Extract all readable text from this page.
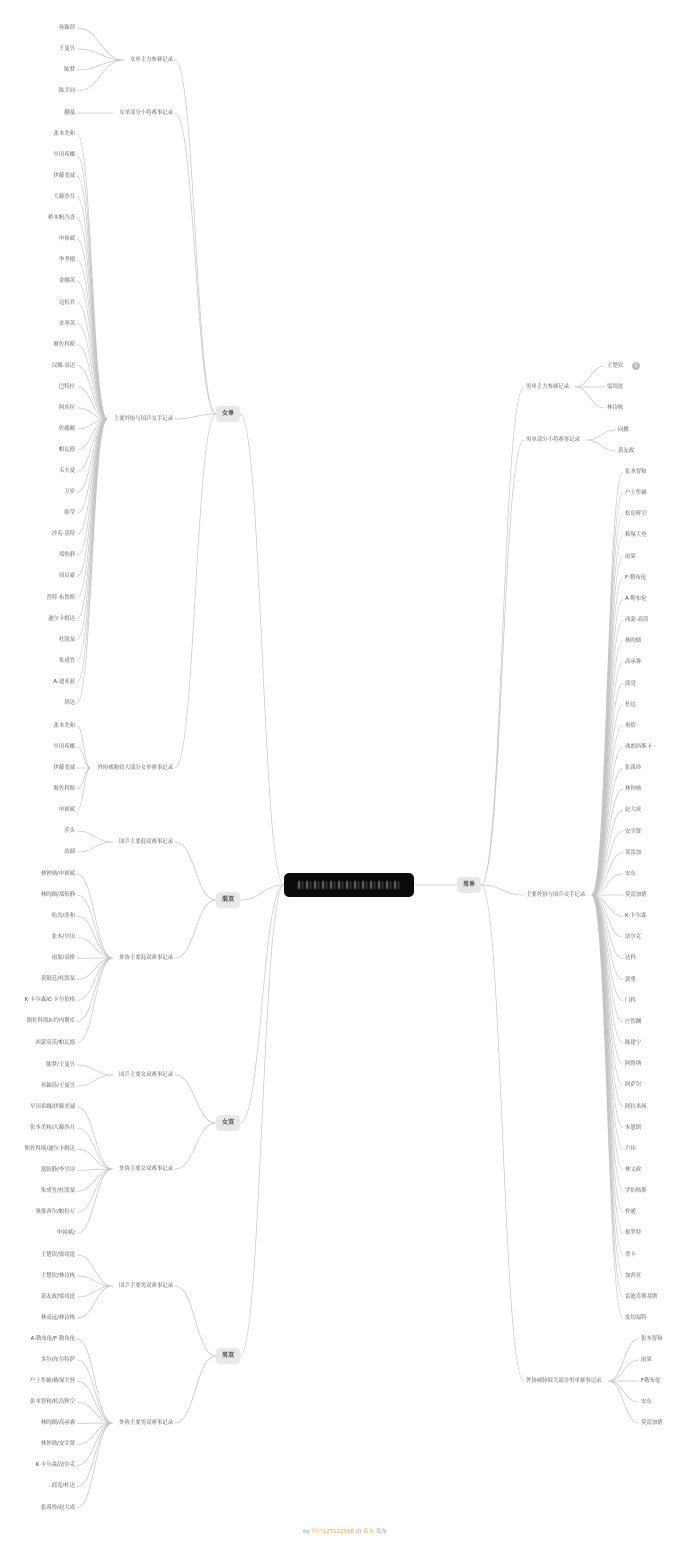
女单
女单主力参赛记录
孙颖莎
王曼昱
陈梦
陈幸同
女单部分小将赛事记录
蒯曼
主要外协与国乒交手记录
张本美和
早田希娜
伊藤美诚
大藤沙月
桥本帆乃香
申裕斌
李孝橿
金娜英
迈松君
金琴英
斯佐科斯
汉娜·高达
巴特拉
阿库拉
佐藤瞳
帕瓦德
韦夫曼
万岁
韩莹
沙克·基特
郑怡静
周启豪
普特·布鲁斯
迪尔卡姆达
杜凯琹
朱成竹
A·迪亚兹
塔达
外协威胁较大部分女单赛事记录
张本美和
早田希娜
伊藤美诚
斯佐科斯
申裕斌
混双
国乒主要混双赛事记录
莎头
动圆
外协主要混双赛事记录
林钟勋/申裕斌
林昀儒/郑怡静
松岛/张和
张本/早田
雨果/高桥
黄镇廷/杜凯琹
K·卡尔森/C·卡尔伯格
斯佐科斯/I·约内斯库
西蒙高茨/帕瓦德
女双
国乒主要女双赛事记录
陈梦/王曼昱
孙颖莎/王曼昱
外协主要女双赛事记录
早田希娜/伊藤美诚
张本美和/大藤沙月
斯佐科斯/迪尔卡姆达
郑怡静/李昱谆
朱成竹/杜凯琹
奥维西尔/帕拉万
申裕斌/
男双
国乒主要男双赛事记录
王楚钦/梁靖崑
王楚钦/林诗栋
黄友政/梁靖崑
林高远/林诗栋
外协主要男双赛事记录
A·勒布伦/F·勒布伦
多尔/布尔特萨
户上隼辅/筱塚大登
张本智和/松岛辉空
林昀儒/高承睿
林钟勋/安宰贤
K·卡尔森/法尔克
邱党/杜达
张禹珍/赵大成
男单
男单主力参赛记录
王楚钦	1
梁靖崑
林诗栋
男单部分小将赛事记录
向鹏
黄友政
主要外协与国乒交手记录
张本智和
户上隼辅
松岛辉空
筱塚大登
雨果
F·勒布伦
A·勒布伦
西蒙·高茨
林昀儒
高承睿
邱党
杜达
奥恰
弗朗西斯卡
张禹珍
林钟勋
赵大成
安宰贤
莫雷加
安东
莫雷加德
K·卡尔森
法尔克
达科
郭勇
门科
庄智渊
陈建宁
阿鲁纳
阿萨尔
阿拉米扬
本恩斯
卢伟
林文政
罗伯格斯
朴通
格罗特
普卡
加西亚
雷迪乔斯基斯
皮切福特
外协威胁较大部分男单赛事记录
张本智和
雨果
F勒布伦
安东
莫雷加德
by 用户127122566 由 幕布 发布
